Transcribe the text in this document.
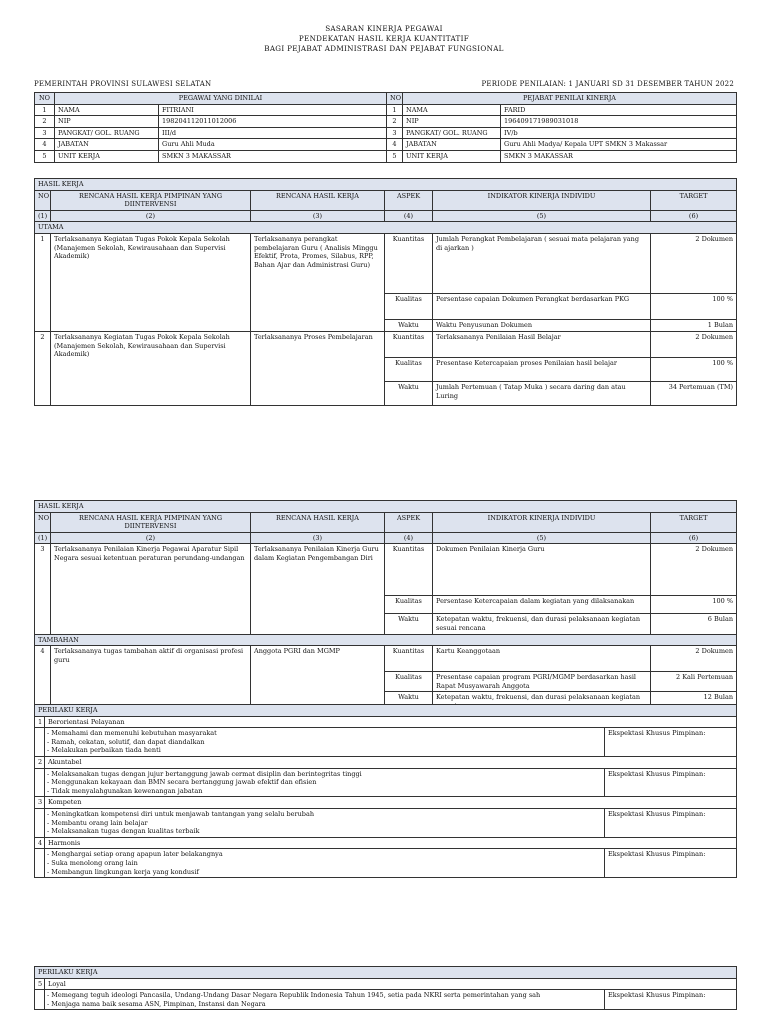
SASARAN KINERJA PEGAWAI
PENDEKATAN HASIL KERJA KUANTITATIF
BAGI PEJABAT ADMINISTRASI DAN PEJABAT FUNGSIONAL
PEMERINTAH PROVINSI SULAWESI SELATAN	PERIODE PENILAIAN: 1 JANUARI SD 31 DESEMBER TAHUN 2022
NO	PEGAWAI YANG DINILAI		NO	PEJABAT PENILAI KINERJA	
1	NAMA	FITRIANI	1	NAMA	FARID
2	NIP	198204112011012006	2	NIP	196409171989031018
3	PANGKAT/ GOL. RUANG	III/d	3	PANGKAT/ GOL. RUANG	IV/b
4	JABATAN	Guru Ahli Muda	4	JABATAN	Guru Ahli Madya/ Kepala UPT SMKN 3 Makassar
5	UNIT KERJA	SMKN 3 MAKASSAR	5	UNIT KERJA	SMKN 3 MAKASSAR
HASIL KERJA					
NO	RENCANA HASIL KERJA PIMPINAN YANG DIINTERVENSI	RENCANA HASIL KERJA	ASPEK	INDIKATOR KINERJA INDIVIDU	TARGET
(1)	(2)	(3)	(4)	(5)	(6)
UTAMA					
1	Terlaksananya Kegiatan Tugas Pokok Kepala Sekolah (Manajemen Sekolah, Kewirausahaan dan Supervisi Akademik)	Terlaksananya perangkat pembelajaran Guru ( Analisis Minggu Efektif, Prota, Promes, Silabus, RPP, Bahan Ajar dan Administrasi Guru)	Kuantitas	Jumlah Perangkat Pembelajaran ( sesuai mata pelajaran yang di ajarkan )	2 Dokumen
			Kualitas	Persentase capaian Dokumen Perangkat berdasarkan PKG	100 %
			Waktu	Waktu Penyusunan Dokumen	1 Bulan
2	Terlaksananya Kegiatan Tugas Pokok Kepala Sekolah (Manajemen Sekolah, Kewirausahaan dan Supervisi Akademik)	Terlaksananya Proses Pembelajaran	Kuantitas	Terlaksananya Penilaian Hasil Belajar	2 Dokumen
			Kualitas	Presentase Ketercapaian proses Penilaian hasil belajar	100 %
			Waktu	Jumlah Pertemuan ( Tatap Muka ) secara daring dan atau Luring	34 Pertemuan (TM)
HASIL KERJA					
NO	RENCANA HASIL KERJA PIMPINAN YANG DIINTERVENSI	RENCANA HASIL KERJA	ASPEK	INDIKATOR KINERJA INDIVIDU	TARGET
(1)	(2)	(3)	(4)	(5)	(6)
3	Terlaksananya Penilaian Kinerja Pegawai Aparatur Sipil Negara sesuai ketentuan peraturan perundang-undangan	Terlaksananya Penilaian Kinerja Guru dalam Kegiatan Pengembangan Diri	Kuantitas	Dokumen Penilaian Kinerja Guru	2 Dokumen
			Kualitas	Persentase Ketercapaian dalam kegiatan yang dilaksanakan	100 %
			Waktu	Ketepatan waktu, frekuensi, dan durasi pelaksanaan kegiatan sesuai rencana	6 Bulan
TAMBAHAN					
4	Terlaksananya tugas tambahan aktif di organisasi profesi guru	Anggota PGRI dan MGMP	Kuantitas	Kartu Keanggotaan	2 Dokumen
			Kualitas	Presentase capaian program PGRI/MGMP berdasarkan hasil Rapat Musyawarah Anggota	2 Kali Pertemuan
			Waktu	Ketepatan waktu, frekuensi, dan durasi pelaksanaan kegiatan	12 Bulan
PERILAKU KERJA		
1	Berorientasi Pelayanan	

	- Memahami dan memenuhi kebutuhan masyarakat
- Ramah, cekatan, solutif, dan dapat diandalkan
- Melakukan perbaikan tiada henti	Ekspektasi Khusus Pimpinan:
2	Akuntabel	

	- Melaksanakan tugas dengan jujur bertanggung jawab cermat disiplin dan berintegritas tinggi
- Menggunakan kekayaan dan BMN secara bertanggung jawab efektif dan efisien
- Tidak menyalahgunakan kewenangan jabatan	Ekspektasi Khusus Pimpinan:
3	Kompeten	

	- Meningkatkan kompetensi diri untuk menjawab tantangan yang selalu berubah
- Membantu orang lain belajar
- Melaksanakan tugas dengan kualitas terbaik	Ekspektasi Khusus Pimpinan:
4	Harmonis	

	- Menghargai setiap orang apapun later belakangnya
- Suka menolong orang lain
- Membangun lingkungan kerja yang kondusif	Ekspektasi Khusus Pimpinan:
PERILAKU KERJA		
5	Loyal	

	- Memegang teguh ideologi Pancasila, Undang-Undang Dasar Negara Republik Indonesia Tahun 1945, setia pada NKRI serta pemerintahan yang sah
- Menjaga nama baik sesama ASN, Pimpinan, Instansi dan Negara	Ekspektasi Khusus Pimpinan:
